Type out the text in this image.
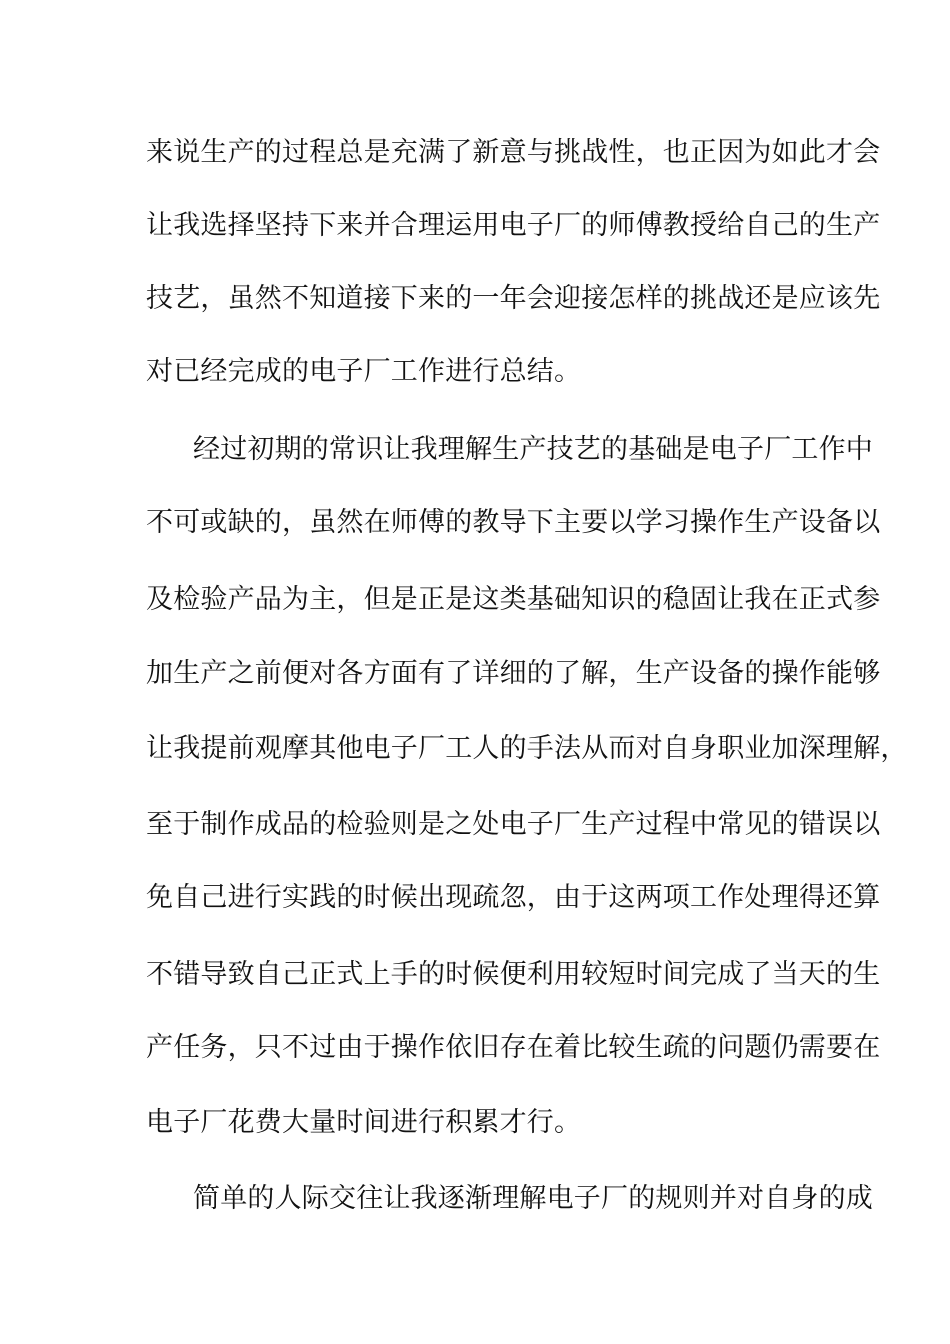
来说生产的过程总是充满了新意与挑战性，也正因为如此才会
让我选择坚持下来并合理运用电子厂的师傅教授给自己的生产
技艺，虽然不知道接下来的一年会迎接怎样的挑战还是应该先
对已经完成的电子厂工作进行总结。
经过初期的常识让我理解生产技艺的基础是电子厂工作中
不可或缺的，虽然在师傅的教导下主要以学习操作生产设备以
及检验产品为主，但是正是这类基础知识的稳固让我在正式参
加生产之前便对各方面有了详细的了解，生产设备的操作能够
让我提前观摩其他电子厂工人的手法从而对自身职业加深理解，
至于制作成品的检验则是之处电子厂生产过程中常见的错误以
免自己进行实践的时候出现疏忽，由于这两项工作处理得还算
不错导致自己正式上手的时候便利用较短时间完成了当天的生
产任务，只不过由于操作依旧存在着比较生疏的问题仍需要在
电子厂花费大量时间进行积累才行。
简单的人际交往让我逐渐理解电子厂的规则并对自身的成
